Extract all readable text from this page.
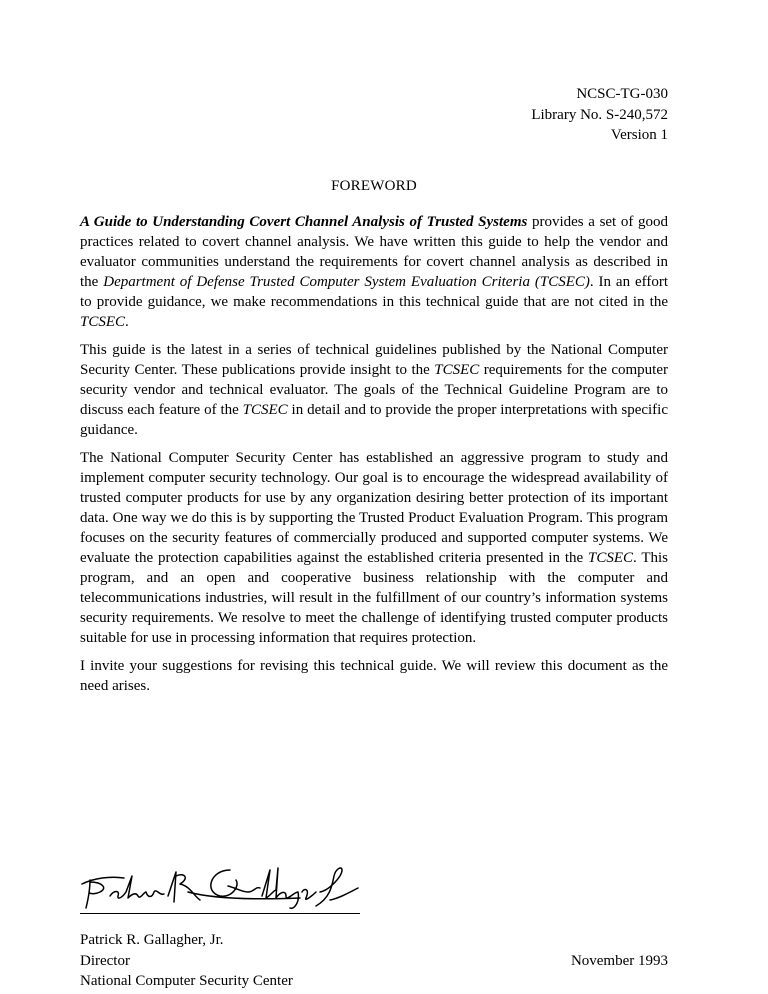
NCSC-TG-030
Library No. S-240,572
Version 1
FOREWORD

A Guide to Understanding Covert Channel Analysis of Trusted Systems provides a set of good practices related to covert channel analysis. We have written this guide to help the vendor and evaluator communities understand the requirements for covert channel analysis as described in the Department of Defense Trusted Computer System Evaluation Criteria (TCSEC). In an effort to provide guidance, we make recommendations in this technical guide that are not cited in the TCSEC.

This guide is the latest in a series of technical guidelines published by the National Computer Security Center. These publications provide insight to the TCSEC requirements for the computer security vendor and technical evaluator. The goals of the Technical Guideline Program are to discuss each feature of the TCSEC in detail and to provide the proper interpretations with specific guidance.

The National Computer Security Center has established an aggressive program to study and implement computer security technology. Our goal is to encourage the widespread availability of trusted computer products for use by any organization desiring better protection of its important data. One way we do this is by supporting the Trusted Product Evaluation Program. This program focuses on the security features of commercially produced and supported computer systems. We evaluate the protection capabilities against the established criteria presented in the TCSEC. This program, and an open and cooperative business relationship with the computer and telecommunications industries, will result in the fulfillment of our country’s information systems security requirements. We resolve to meet the challenge of identifying trusted computer products suitable for use in processing information that requires protection.

I invite your suggestions for revising this technical guide. We will review this document as the need arises.

Patrick R. Gallagher, Jr.
Director
National Computer Security Center
November 1993
